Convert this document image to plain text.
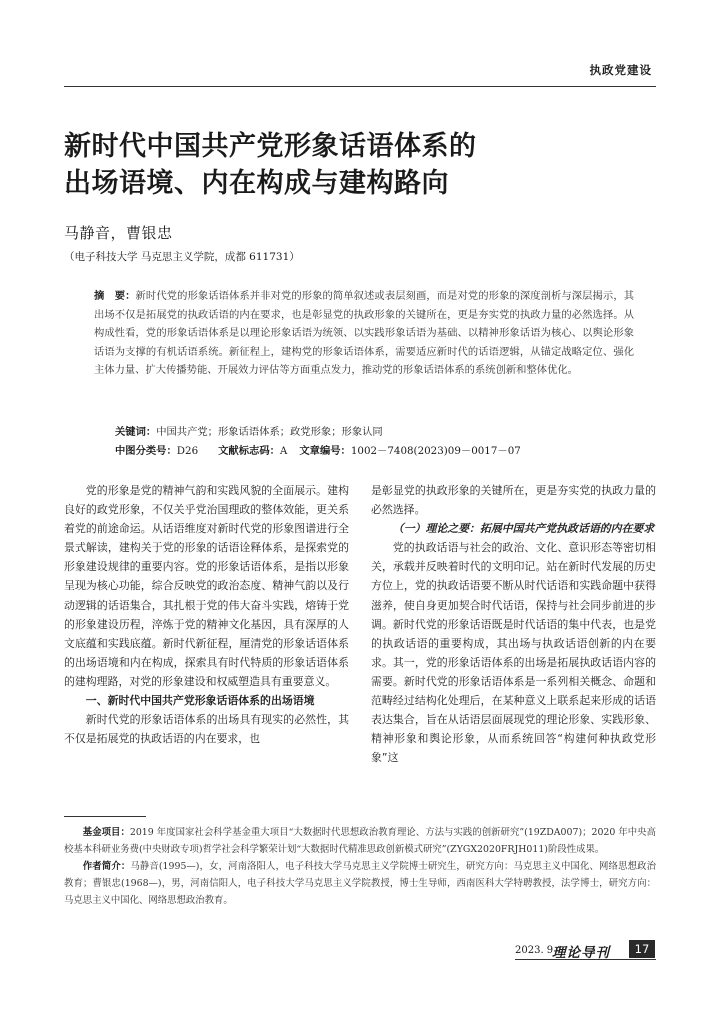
执政党建设
新时代中国共产党形象话语体系的
出场语境、内在构成与建构路向
马静音，曹银忠
（电子科技大学 马克思主义学院，成都 611731）
摘　要：新时代党的形象话语体系并非对党的形象的简单叙述或表层刻画，而是对党的形象的深度剖析与深层揭示，其出场不仅是拓展党的执政话语的内在要求，也是彰显党的执政形象的关键所在，更是夯实党的执政力量的必然选择。从构成性看，党的形象话语体系是以理论形象话语为统领、以实践形象话语为基础、以精神形象话语为核心、以舆论形象话语为支撑的有机话语系统。新征程上，建构党的形象话语体系，需要适应新时代的话语逻辑，从锚定战略定位、强化主体力量、扩大传播势能、开展效力评估等方面重点发力，推动党的形象话语体系的系统创新和整体优化。
关键词：中国共产党；形象话语体系；政党形象；形象认同
中图分类号：D26 文献标志码：A 文章编号：1002－7408(2023)09－0017－07

党的形象是党的精神气韵和实践风貌的全面展示。建构良好的政党形象，不仅关乎党治国理政的整体效能，更关系着党的前途命运。从话语维度对新时代党的形象图谱进行全景式解读，建构关于党的形象的话语诠释体系，是探索党的形象建设规律的重要内容。党的形象话语体系，是指以形象呈现为核心功能，综合反映党的政治态度、精神气韵以及行动逻辑的话语集合，其扎根于党的伟大奋斗实践，熔铸于党的形象建设历程，淬炼于党的精神文化基因，具有深厚的人文底蕴和实践底蕴。新时代新征程，厘清党的形象话语体系的出场语境和内在构成，探索具有时代特质的形象话语体系的建构理路，对党的形象建设和权威塑造具有重要意义。

一、新时代中国共产党形象话语体系的出场语境

新时代党的形象话语体系的出场具有现实的必然性，其不仅是拓展党的执政话语的内在要求，也

是彰显党的执政形象的关键所在，更是夯实党的执政力量的必然选择。

（一）理论之要：拓展中国共产党执政话语的内在要求

党的执政话语与社会的政治、文化、意识形态等密切相关，承载并反映着时代的文明印记。站在新时代发展的历史方位上，党的执政话语要不断从时代话语和实践命题中获得滋养，使自身更加契合时代话语，保持与社会同步前进的步调。新时代党的形象话语既是时代话语的集中代表，也是党的执政话语的重要构成，其出场与执政话语创新的内在要求。其一，党的形象话语体系的出场是拓展执政话语内容的需要。新时代党的形象话语体系是一系列相关概念、命题和范畴经过结构化处理后，在某种意义上联系起来形成的话语表达集合，旨在从话语层面展现党的理论形象、实践形象、精神形象和舆论形象，从而系统回答“构建何种执政党形象”这

基金项目：2019 年度国家社会科学基金重大项目“大数据时代思想政治教育理论、方法与实践的创新研究”(19ZDA007)；2020 年中央高校基本科研业务费(中央财政专项)哲学社会科学繁荣计划“大数据时代精准思政创新模式研究”(ZYGX2020FRJH011)阶段性成果。

作者简介：马静音(1995—)，女，河南洛阳人，电子科技大学马克思主义学院博士研究生，研究方向：马克思主义中国化、网络思想政治教育；曹银忠(1968—)，男，河南信阳人，电子科技大学马克思主义学院教授，博士生导师，西南医科大学特聘教授，法学博士，研究方向：马克思主义中国化、网络思想政治教育。

2023. 9
理论导刊	17
